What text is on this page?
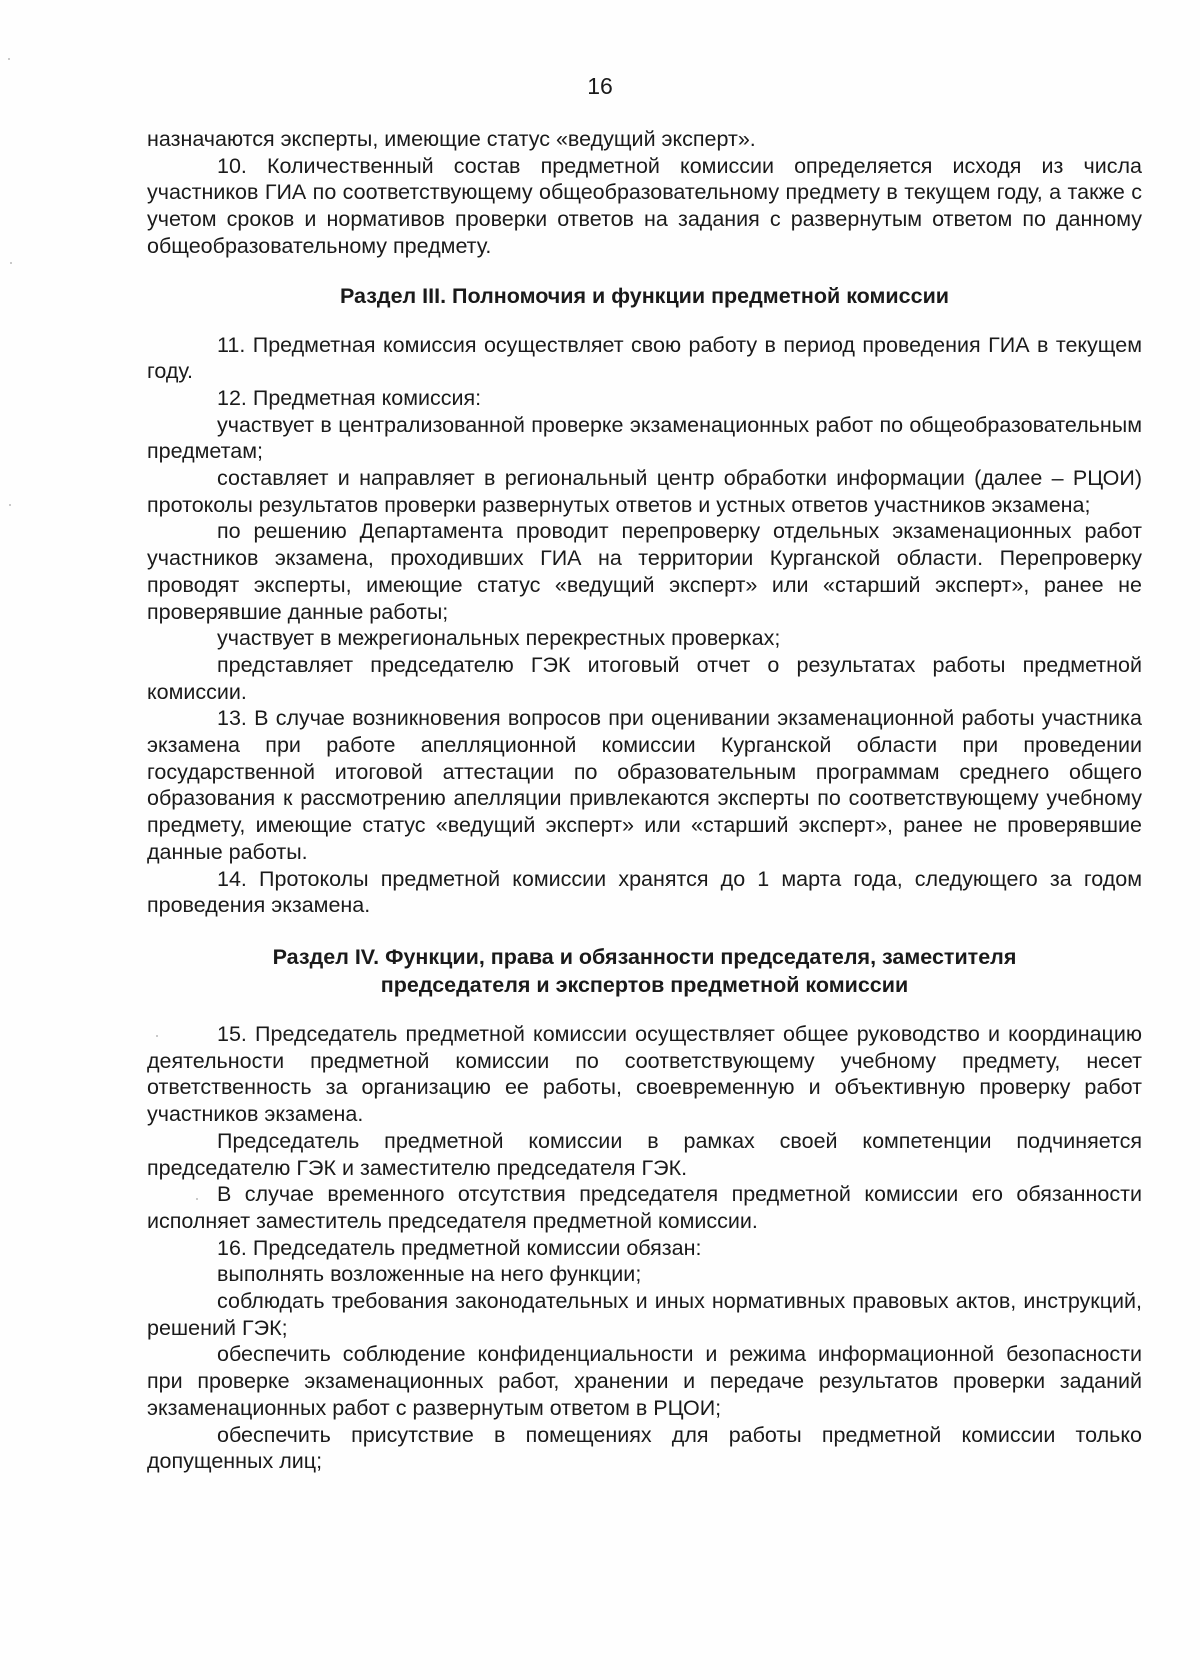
16

назначаются эксперты, имеющие статус «ведущий эксперт».

10. Количественный состав предметной комиссии определяется исходя из числа участников ГИА по соответствующему общеобразовательному предмету в текущем году, а также с учетом сроков и нормативов проверки ответов на задания с развернутым ответом по данному общеобразовательному предмету.

Раздел III. Полномочия и функции предметной комиссии

11. Предметная комиссия осуществляет свою работу в период проведения ГИА в текущем году.

12. Предметная комиссия:

участвует в централизованной проверке экзаменационных работ по общеобразовательным предметам;

составляет и направляет в региональный центр обработки информации (далее – РЦОИ) протоколы результатов проверки развернутых ответов и устных ответов участников экзамена;

по решению Департамента проводит перепроверку отдельных экзаменационных работ участников экзамена, проходивших ГИА на территории Курганской области. Перепроверку проводят эксперты, имеющие статус «ведущий эксперт» или «старший эксперт», ранее не проверявшие данные работы;

участвует в межрегиональных перекрестных проверках;

представляет председателю ГЭК итоговый отчет о результатах работы предметной комиссии.

13. В случае возникновения вопросов при оценивании экзаменационной работы участника экзамена при работе апелляционной комиссии Курганской области при проведении государственной итоговой аттестации по образовательным программам среднего общего образования к рассмотрению апелляции привлекаются эксперты по соответствующему учебному предмету, имеющие статус «ведущий эксперт» или «старший эксперт», ранее не проверявшие данные работы.

14. Протоколы предметной комиссии хранятся до 1 марта года, следующего за годом проведения экзамена.

Раздел IV. Функции, права и обязанности председателя, заместителя
председателя и экспертов предметной комиссии

15. Председатель предметной комиссии осуществляет общее руководство и координацию деятельности предметной комиссии по соответствующему учебному предмету, несет ответственность за организацию ее работы, своевременную и объективную проверку работ участников экзамена.

Председатель предметной комиссии в рамках своей компетенции подчиняется председателю ГЭК и заместителю председателя ГЭК.

В случае временного отсутствия председателя предметной комиссии его обязанности исполняет заместитель председателя предметной комиссии.

16. Председатель предметной комиссии обязан:

выполнять возложенные на него функции;

соблюдать требования законодательных и иных нормативных правовых актов, инструкций, решений ГЭК;

обеспечить соблюдение конфиденциальности и режима информационной безопасности при проверке экзаменационных работ, хранении и передаче результатов проверки заданий экзаменационных работ с развернутым ответом в РЦОИ;

обеспечить присутствие в помещениях для работы предметной комиссии только допущенных лиц;
